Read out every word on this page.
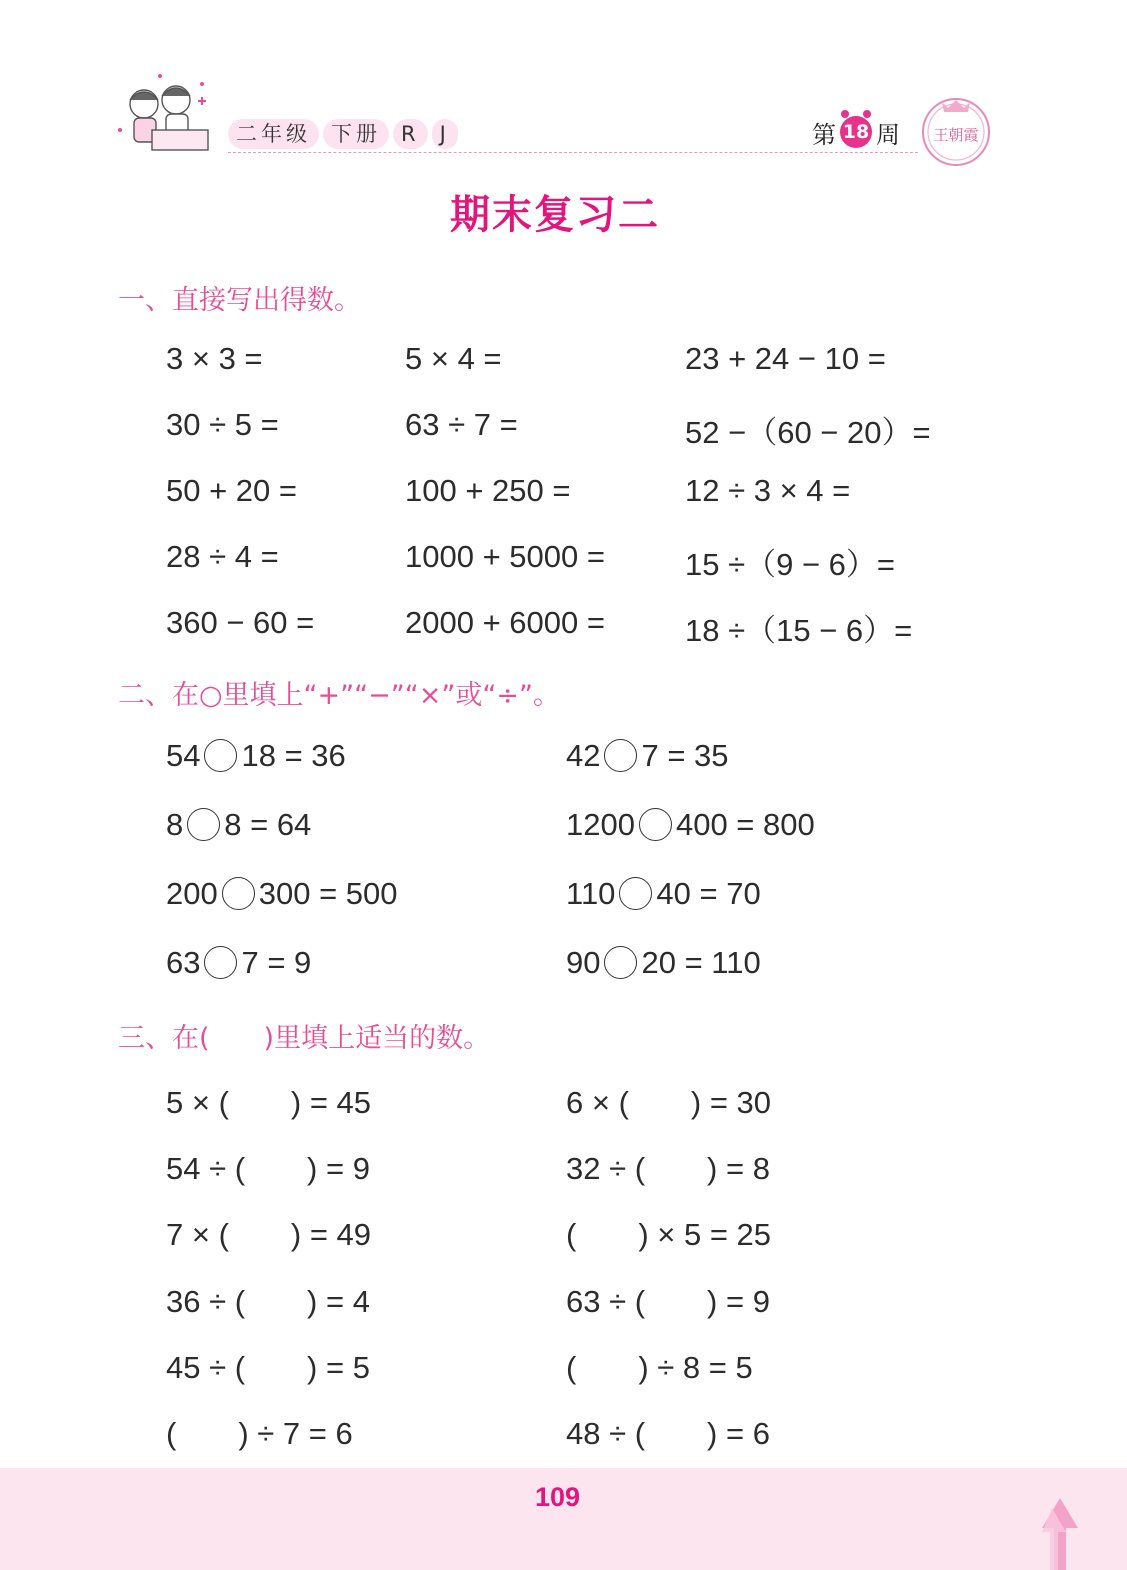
二年级 下册 R J	第 18 周 王朝霞
期末复习二
一、直接写出得数。
3 × 3 =	5 × 4 =	23 + 24 − 10 =
30 ÷ 5 =	63 ÷ 7 =	52 −（60 − 20）=
50 + 20 =	100 + 250 =	12 ÷ 3 × 4 =
28 ÷ 4 =	1000 + 5000 =	15 ÷（9 − 6）=
360 − 60 =	2000 + 6000 =	18 ÷（15 − 6）=
二、在○里填上“+”“−”“×”或“÷”。
54 18 = 36	42 7 = 35
8 8 = 64	1200 400 = 800
200 300 = 500	110 40 = 70
63 7 = 9	90 20 = 110
三、在(　　)里填上适当的数。
5 × (　　) = 45	6 × (　　) = 30
54 ÷ (　　) = 9	32 ÷ (　　) = 8
7 × (　　) = 49	(　　) × 5 = 25
36 ÷ (　　) = 4	63 ÷ (　　) = 9
45 ÷ (　　) = 5	(　　) ÷ 8 = 5
(　　) ÷ 7 = 6	48 ÷ (　　) = 6
109
